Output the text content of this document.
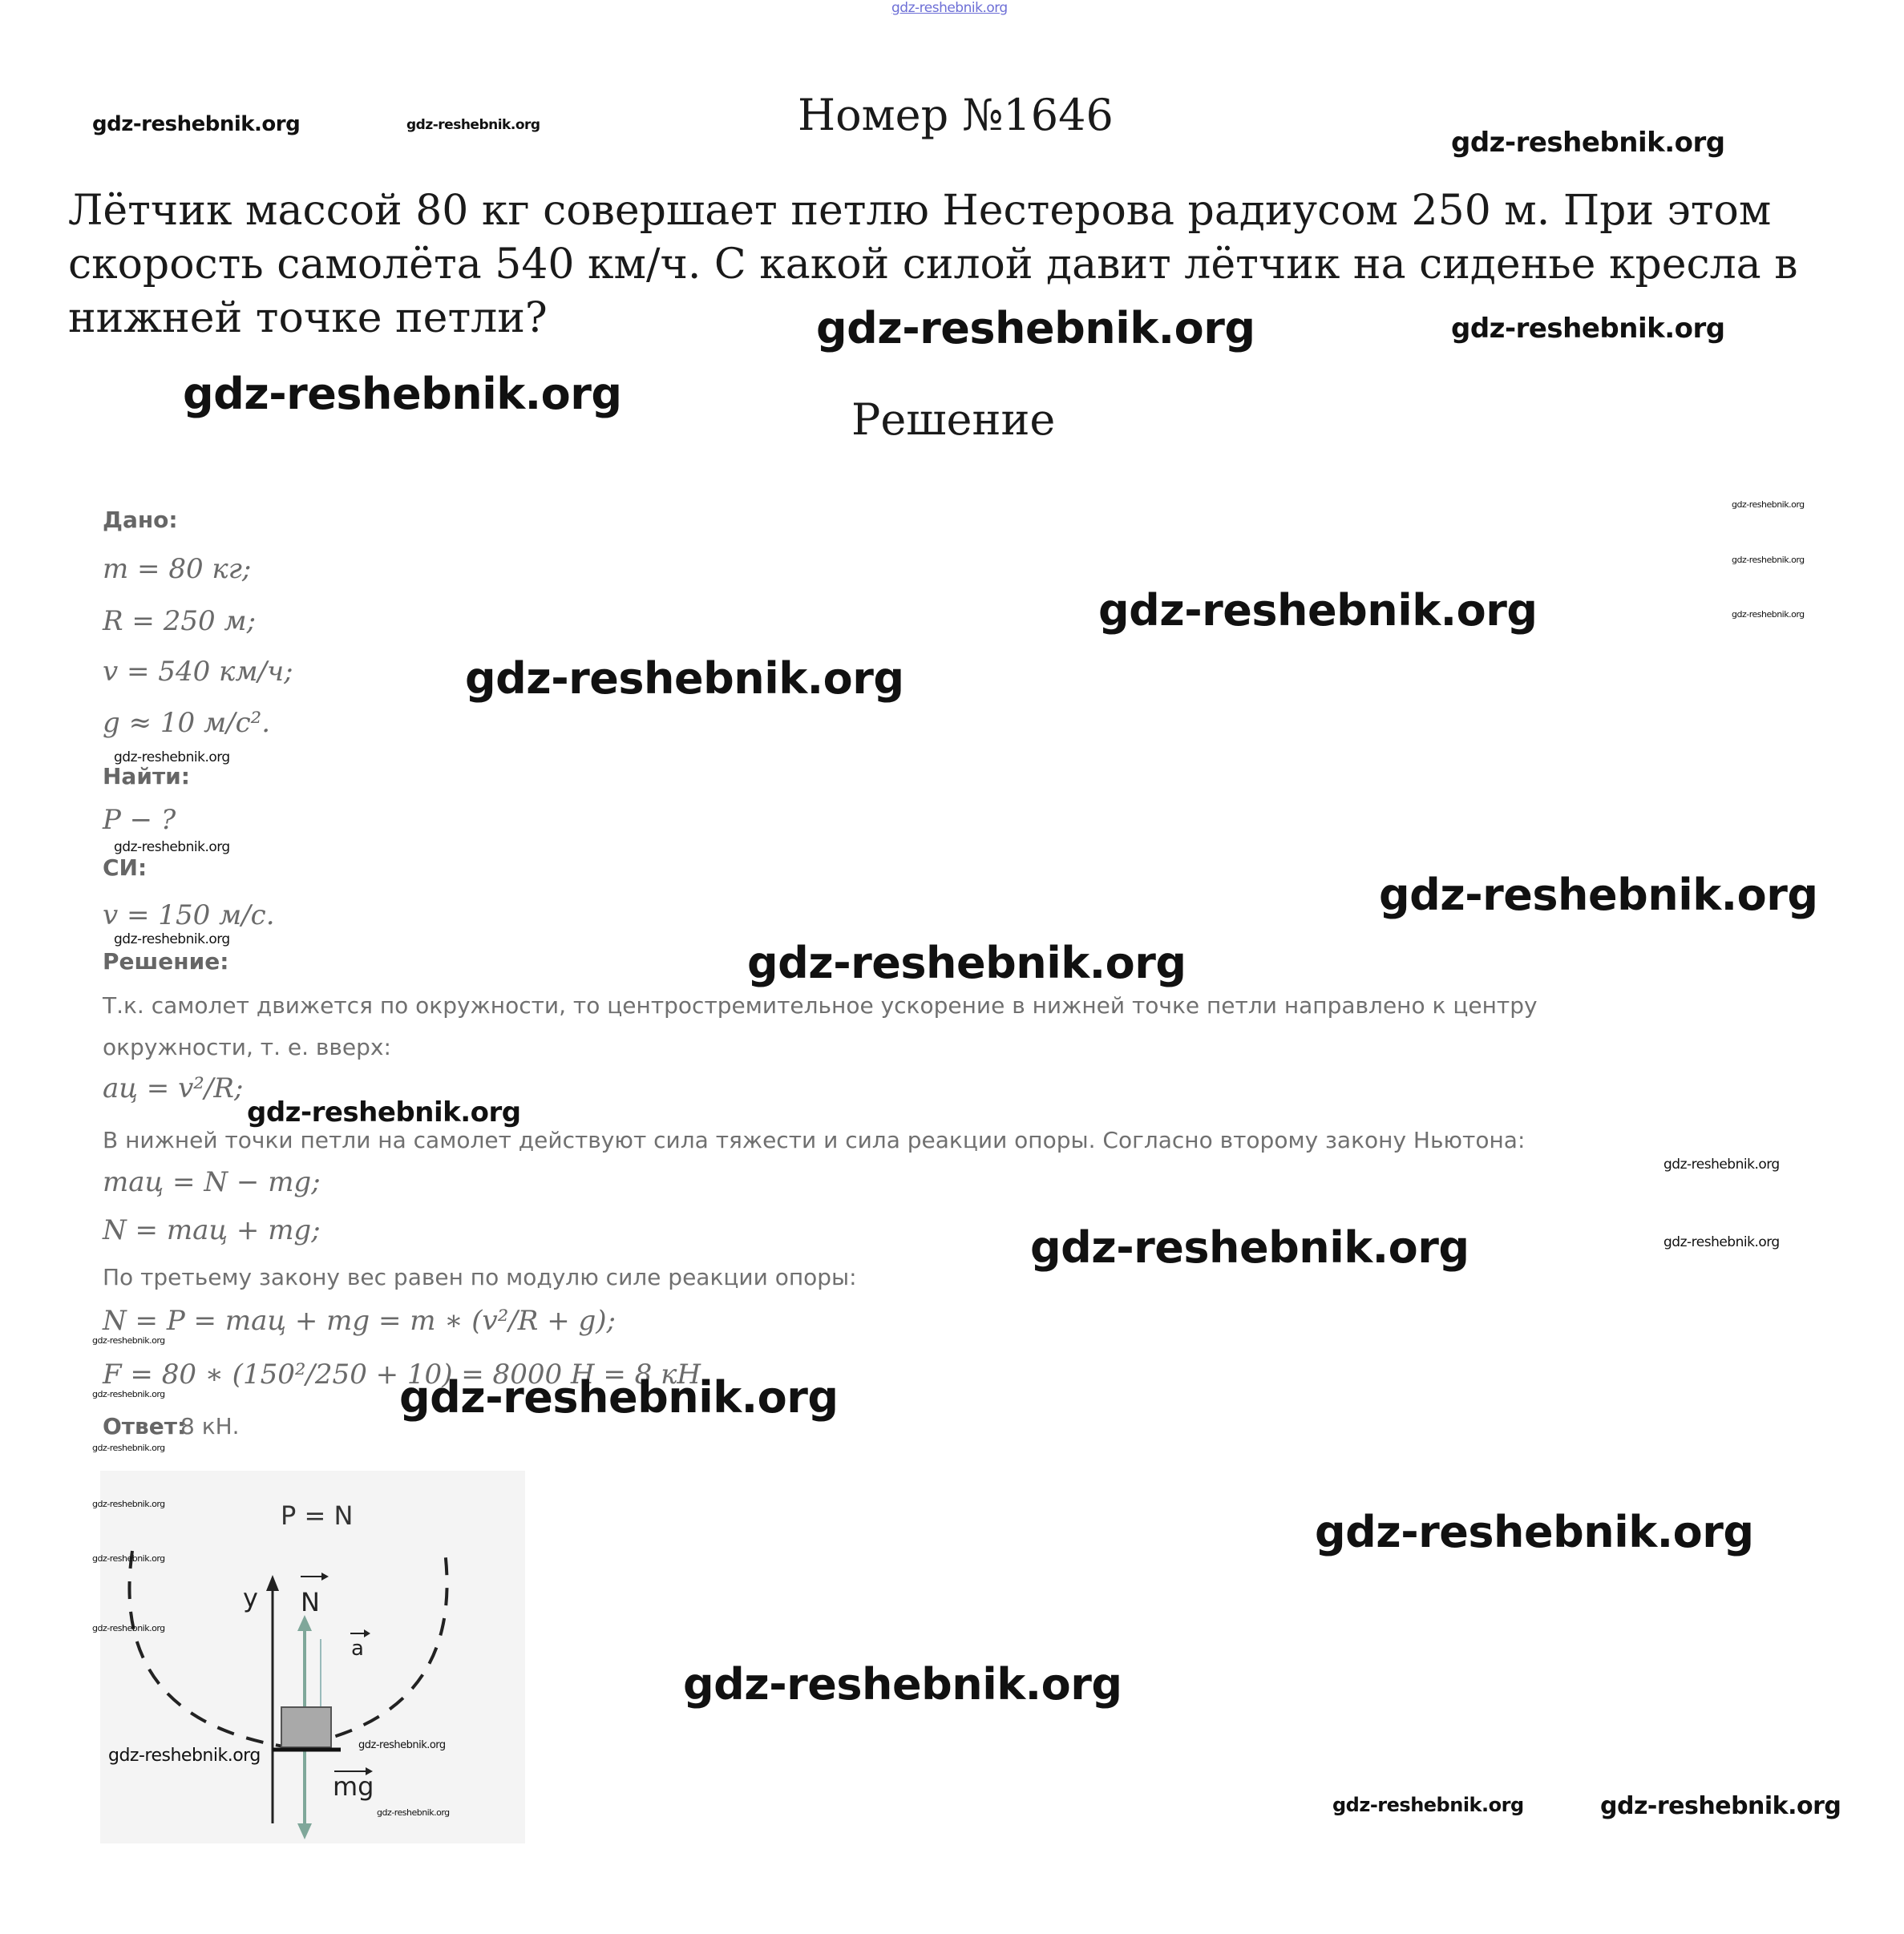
gdz-reshebnik.org
gdz-reshebnik.org	gdz-reshebnik.org	Номер №1646
gdz-reshebnik.org
Лётчик массой 80 кг совершает петлю Нестерова радиусом 250 м. При этом скорость самолёта 540 км/ч. С какой силой давит лётчик на сиденье кресла в нижней точке петли?	gdz-reshebnik.org	gdz-reshebnik.org
gdz-reshebnik.org
Решение
Дано:
m = 80 кг;
R = 250 м;
v = 540 км/ч;
g ≈ 10 м/с².
gdz-reshebnik.org
Найти:
P − ?
gdz-reshebnik.org
СИ:
v = 150 м/с.
gdz-reshebnik.org
Решение:
Т.к. самолет движется по окружности, то центростремительное ускорение в нижней точке петли направлено к центру
окружности, т. е. вверх:
aц = v²/R;
gdz-reshebnik.org
В нижней точки петли на самолет действуют сила тяжести и сила реакции опоры. Согласно второму закону Ньютона:
maц = N − mg;
N = maц + mg;
По третьему закону вес равен по модулю силе реакции опоры:
N = P = maц + mg = m ∗ (v²/R + g);
F = 80 ∗ (150²/250 + 10) = 8000 Н = 8 кН.
Ответ:
8 кН.
gdz-reshebnik.org
gdz-reshebnik.org
gdz-reshebnik.org
gdz-reshebnik.org
gdz-reshebnik.org
gdz-reshebnik.org
gdz-reshebnik.org
gdz-reshebnik.org
gdz-reshebnik.org
gdz-reshebnik.org
gdz-reshebnik.org
gdz-reshebnik.org
gdz-reshebnik.org
gdz-reshebnik.org
gdz-reshebnik.org
gdz-reshebnik.org
gdz-reshebnik.org	gdz-reshebnik.org
P = N
y N
a
mg
gdz-reshebnik.org
gdz-reshebnik.org
gdz-reshebnik.org
gdz-reshebnik.org
gdz-reshebnik.org
gdz-reshebnik.org
